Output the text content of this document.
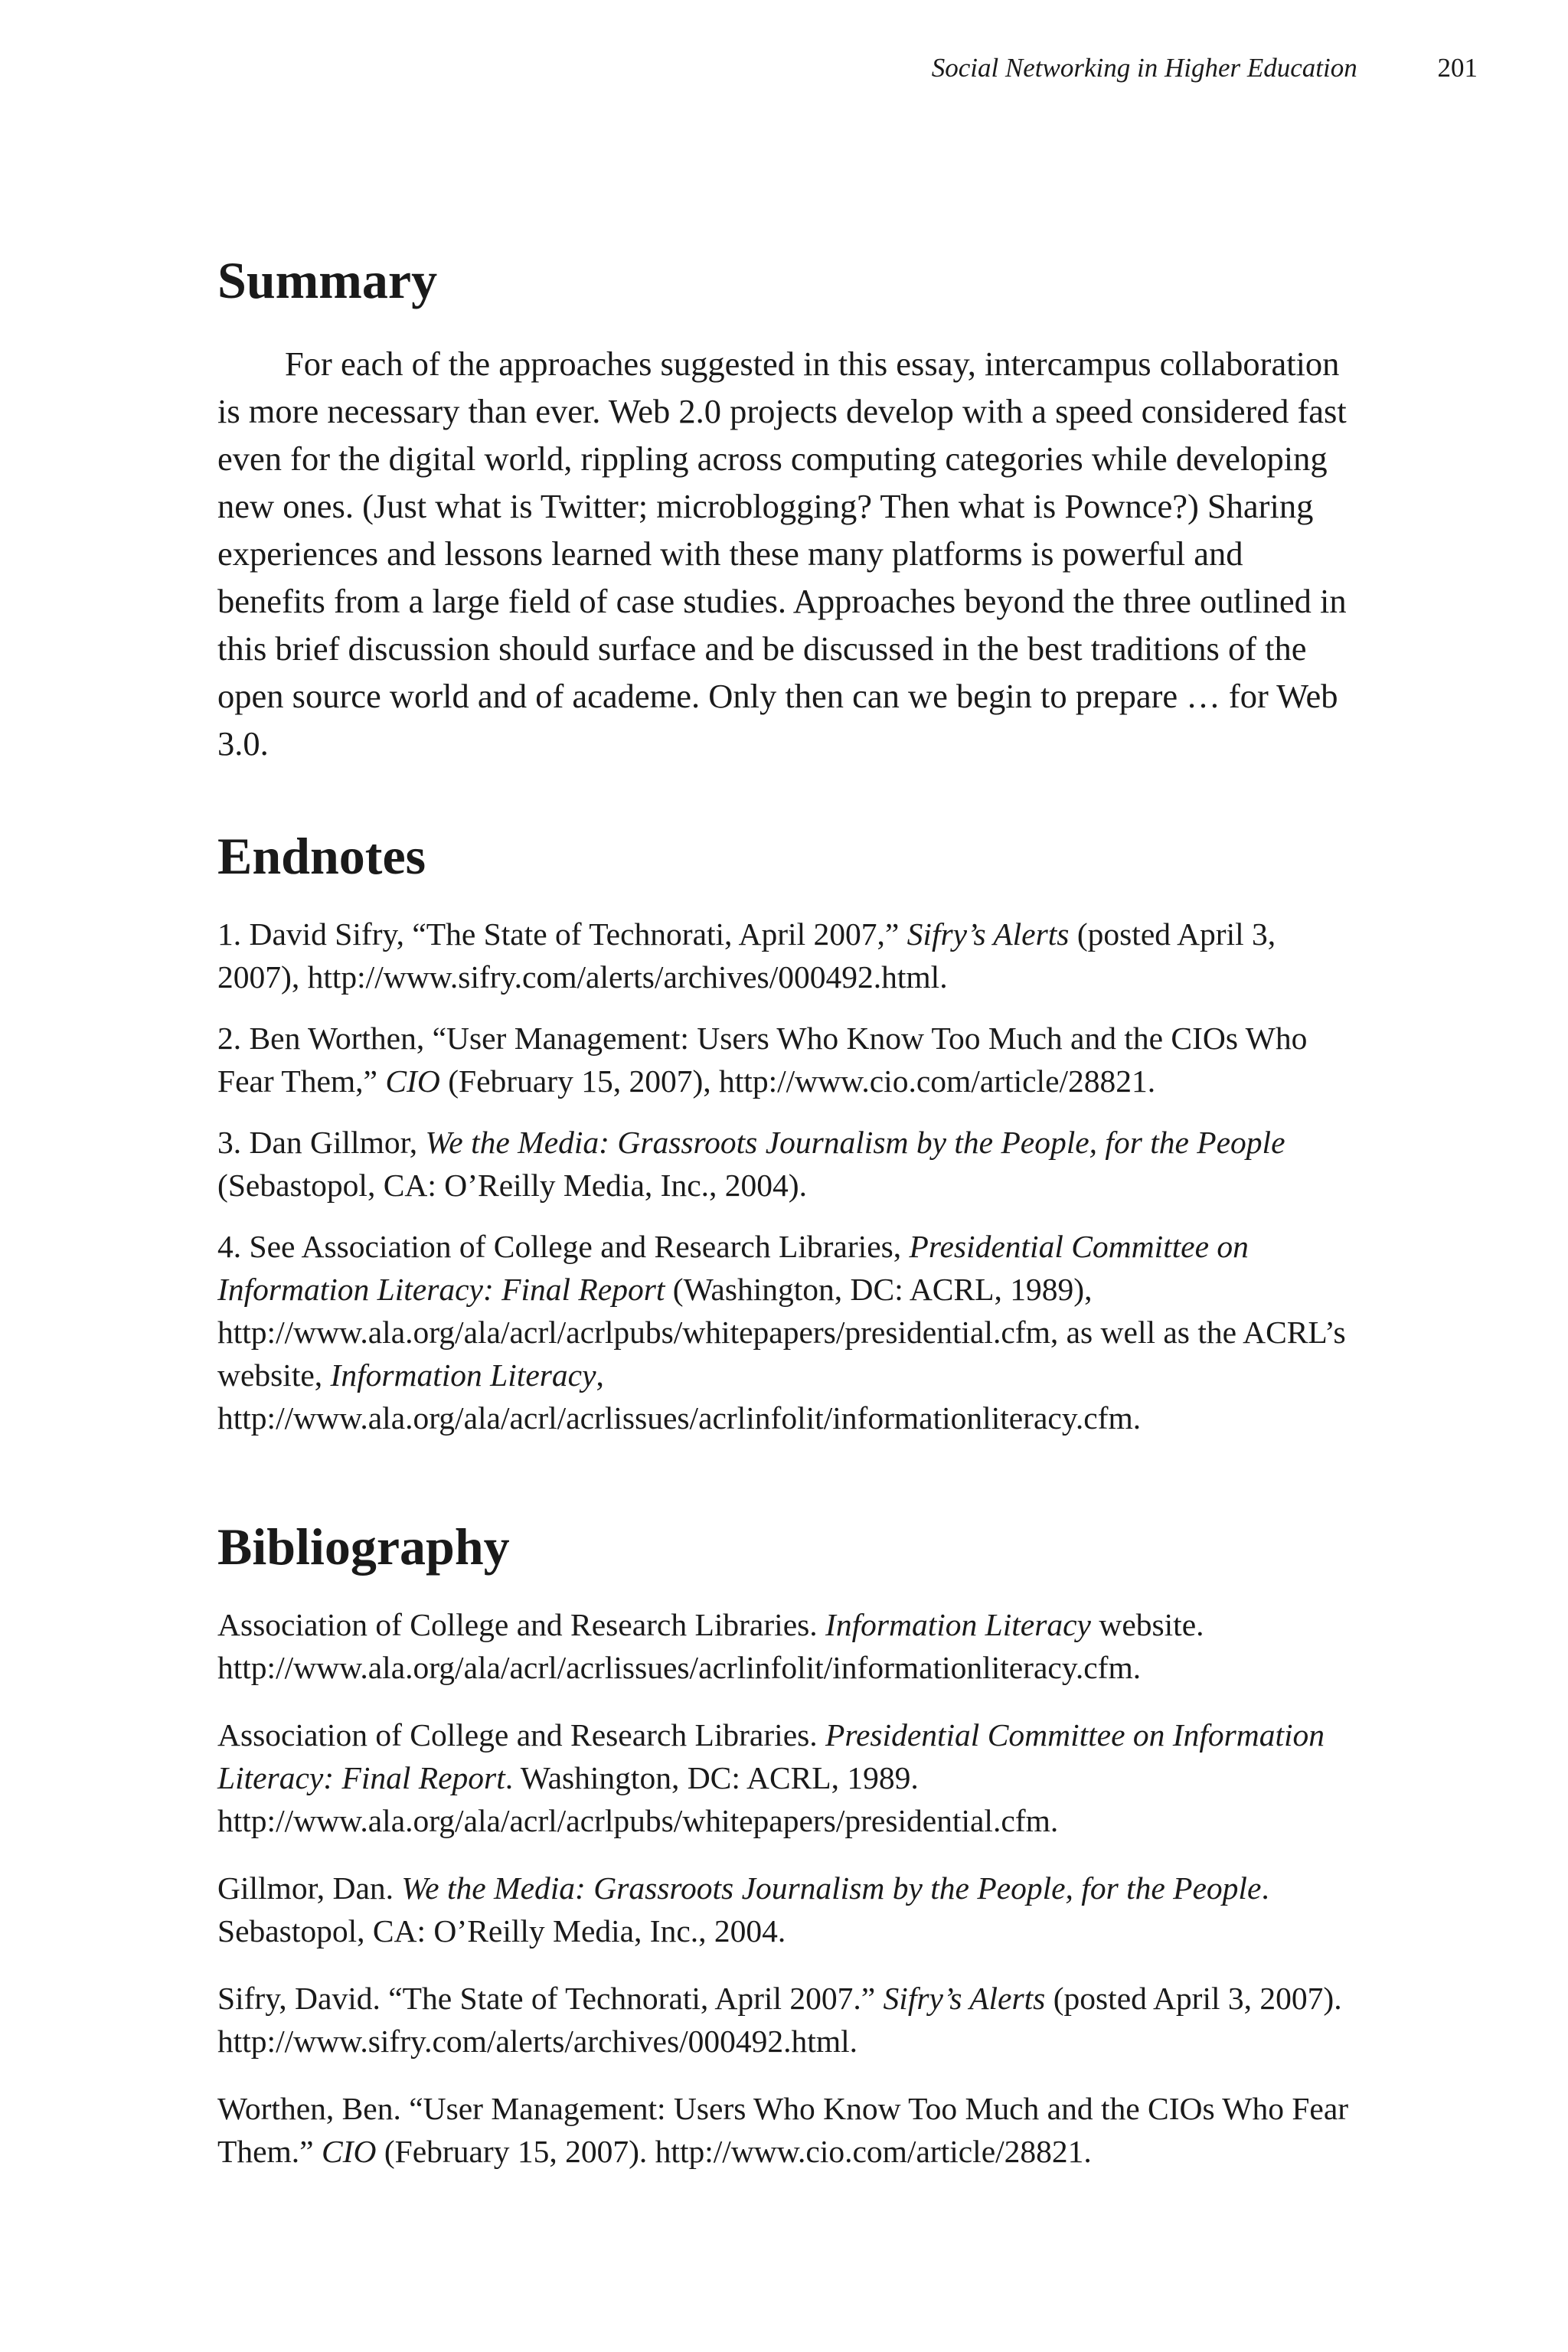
Social Networking in Higher Education	201
Summary

For each of the approaches suggested in this essay, intercampus collaboration is more necessary than ever. Web 2.0 projects develop with a speed considered fast even for the digital world, rippling across computing categories while developing new ones. (Just what is Twitter; microblogging? Then what is Pownce?) Sharing experiences and lessons learned with these many platforms is powerful and benefits from a large field of case studies. Approaches beyond the three outlined in this brief discussion should surface and be discussed in the best traditions of the open source world and of academe. Only then can we begin to prepare … for Web 3.0.

Endnotes

1. David Sifry, “The State of Technorati, April 2007,” Sifry’s Alerts (posted April 3, 2007), http://www.sifry.com/alerts/archives/000492.html.

2. Ben Worthen, “User Management: Users Who Know Too Much and the CIOs Who Fear Them,” CIO (February 15, 2007), http://www.cio.com/article/28821.

3. Dan Gillmor, We the Media: Grassroots Journalism by the People, for the People (Sebastopol, CA: O’Reilly Media, Inc., 2004).

4. See Association of College and Research Libraries, Presidential Committee on Information Literacy: Final Report (Washington, DC: ACRL, 1989), http://www.ala.org/ala/acrl/acrlpubs/whitepapers/presidential.cfm, as well as the ACRL’s website, Information Literacy, http://www.ala.org/ala/acrl/acrlissues/acrlinfolit/informationliteracy.cfm.

Bibliography

Association of College and Research Libraries. Information Literacy website. http://www.ala.org/ala/acrl/acrlissues/acrlinfolit/informationliteracy.cfm.

Association of College and Research Libraries. Presidential Committee on Information Literacy: Final Report. Washington, DC: ACRL, 1989. http://www.ala.org/ala/acrl/acrlpubs/whitepapers/presidential.cfm.

Gillmor, Dan. We the Media: Grassroots Journalism by the People, for the People. Sebastopol, CA: O’Reilly Media, Inc., 2004.

Sifry, David. “The State of Technorati, April 2007.” Sifry’s Alerts (posted April 3, 2007). http://www.sifry.com/alerts/archives/000492.html.

Worthen, Ben. “User Management: Users Who Know Too Much and the CIOs Who Fear Them.” CIO (February 15, 2007). http://www.cio.com/article/28821.
